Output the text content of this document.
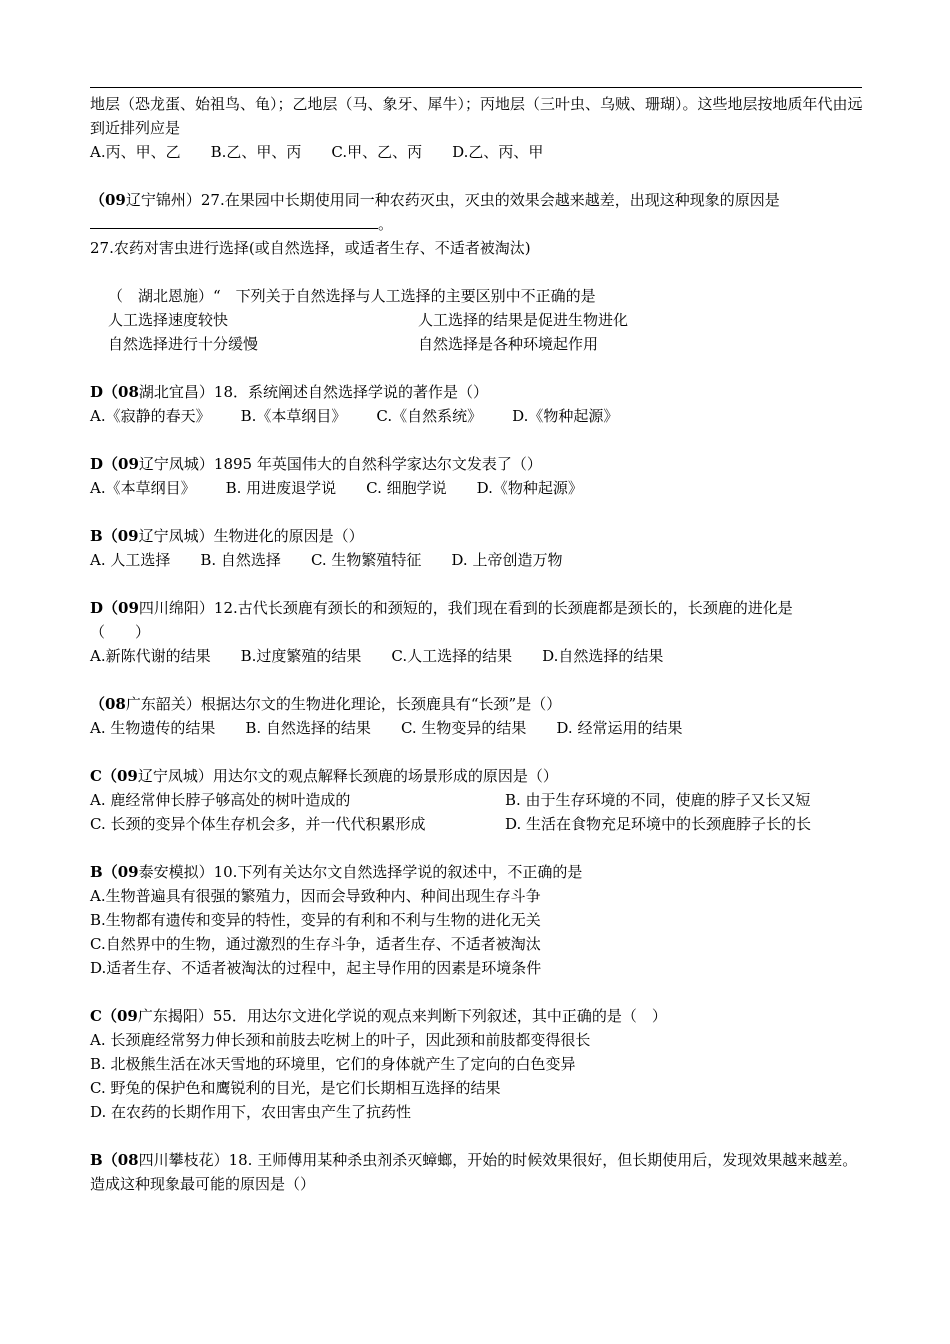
地层（恐龙蛋、始祖鸟、龟）；乙地层（马、象牙、犀牛）；丙地层（三叶虫、乌贼、珊瑚）。这些地层按地质年代由远到近排列应是
A.丙、甲、乙 B.乙、甲、丙 C.甲、乙、丙 D.乙、丙、甲
（09辽宁锦州）27.在果园中长期使用同一种农药灭虫，灭虫的效果会越来越差，出现这种现象的原因是
。
27.农药对害虫进行选择(或自然选择，或适者生存、不适者被淘汰)
（　湖北恩施）“　下列关于自然选择与人工选择的主要区别中不正确的是
人工选择速度较快	人工选择的结果是促进生物进化
自然选择进行十分缓慢	自然选择是各种环境起作用
D（08湖北宜昌）18．系统阐述自然选择学说的著作是（）
A.《寂静的春天》 B.《本草纲目》 C.《自然系统》 D.《物种起源》
D（09辽宁凤城）1895 年英国伟大的自然科学家达尔文发表了（）
A.《本草纲目》 B. 用进废退学说 C. 细胞学说 D.《物种起源》
B（09辽宁凤城）生物进化的原因是（）
A. 人工选择 B. 自然选择 C. 生物繁殖特征 D. 上帝创造万物
D（09四川绵阳）12.古代长颈鹿有颈长的和颈短的，我们现在看到的长颈鹿都是颈长的，长颈鹿的进化是
（　　）
A.新陈代谢的结果 B.过度繁殖的结果 C.人工选择的结果 D.自然选择的结果
（08广东韶关）根据达尔文的生物进化理论，长颈鹿具有“长颈”是（）
A. 生物遗传的结果 B. 自然选择的结果 C. 生物变异的结果 D. 经常运用的结果
C（09辽宁凤城）用达尔文的观点解释长颈鹿的场景形成的原因是（）
A. 鹿经常伸长脖子够高处的树叶造成的	B. 由于生存环境的不同，使鹿的脖子又长又短
C. 长颈的变异个体生存机会多，并一代代积累形成	D. 生活在食物充足环境中的长颈鹿脖子长的长
B（09泰安模拟）10.下列有关达尔文自然选择学说的叙述中，不正确的是
A.生物普遍具有很强的繁殖力，因而会导致种内、种间出现生存斗争
B.生物都有遗传和变异的特性，变异的有利和不利与生物的进化无关
C.自然界中的生物，通过激烈的生存斗争，适者生存、不适者被淘汰
D.适者生存、不适者被淘汰的过程中，起主导作用的因素是环境条件
C（09广东揭阳）55．用达尔文进化学说的观点来判断下列叙述，其中正确的是（　）
A. 长颈鹿经常努力伸长颈和前肢去吃树上的叶子，因此颈和前肢都变得很长
B. 北极熊生活在冰天雪地的环境里，它们的身体就产生了定向的白色变异
C. 野兔的保护色和鹰锐利的目光，是它们长期相互选择的结果
D. 在农药的长期作用下，农田害虫产生了抗药性
B（08四川攀枝花）18. 王师傅用某种杀虫剂杀灭蟑螂，开始的时候效果很好，但长期使用后，发现效果越来越差。造成这种现象最可能的原因是（）
